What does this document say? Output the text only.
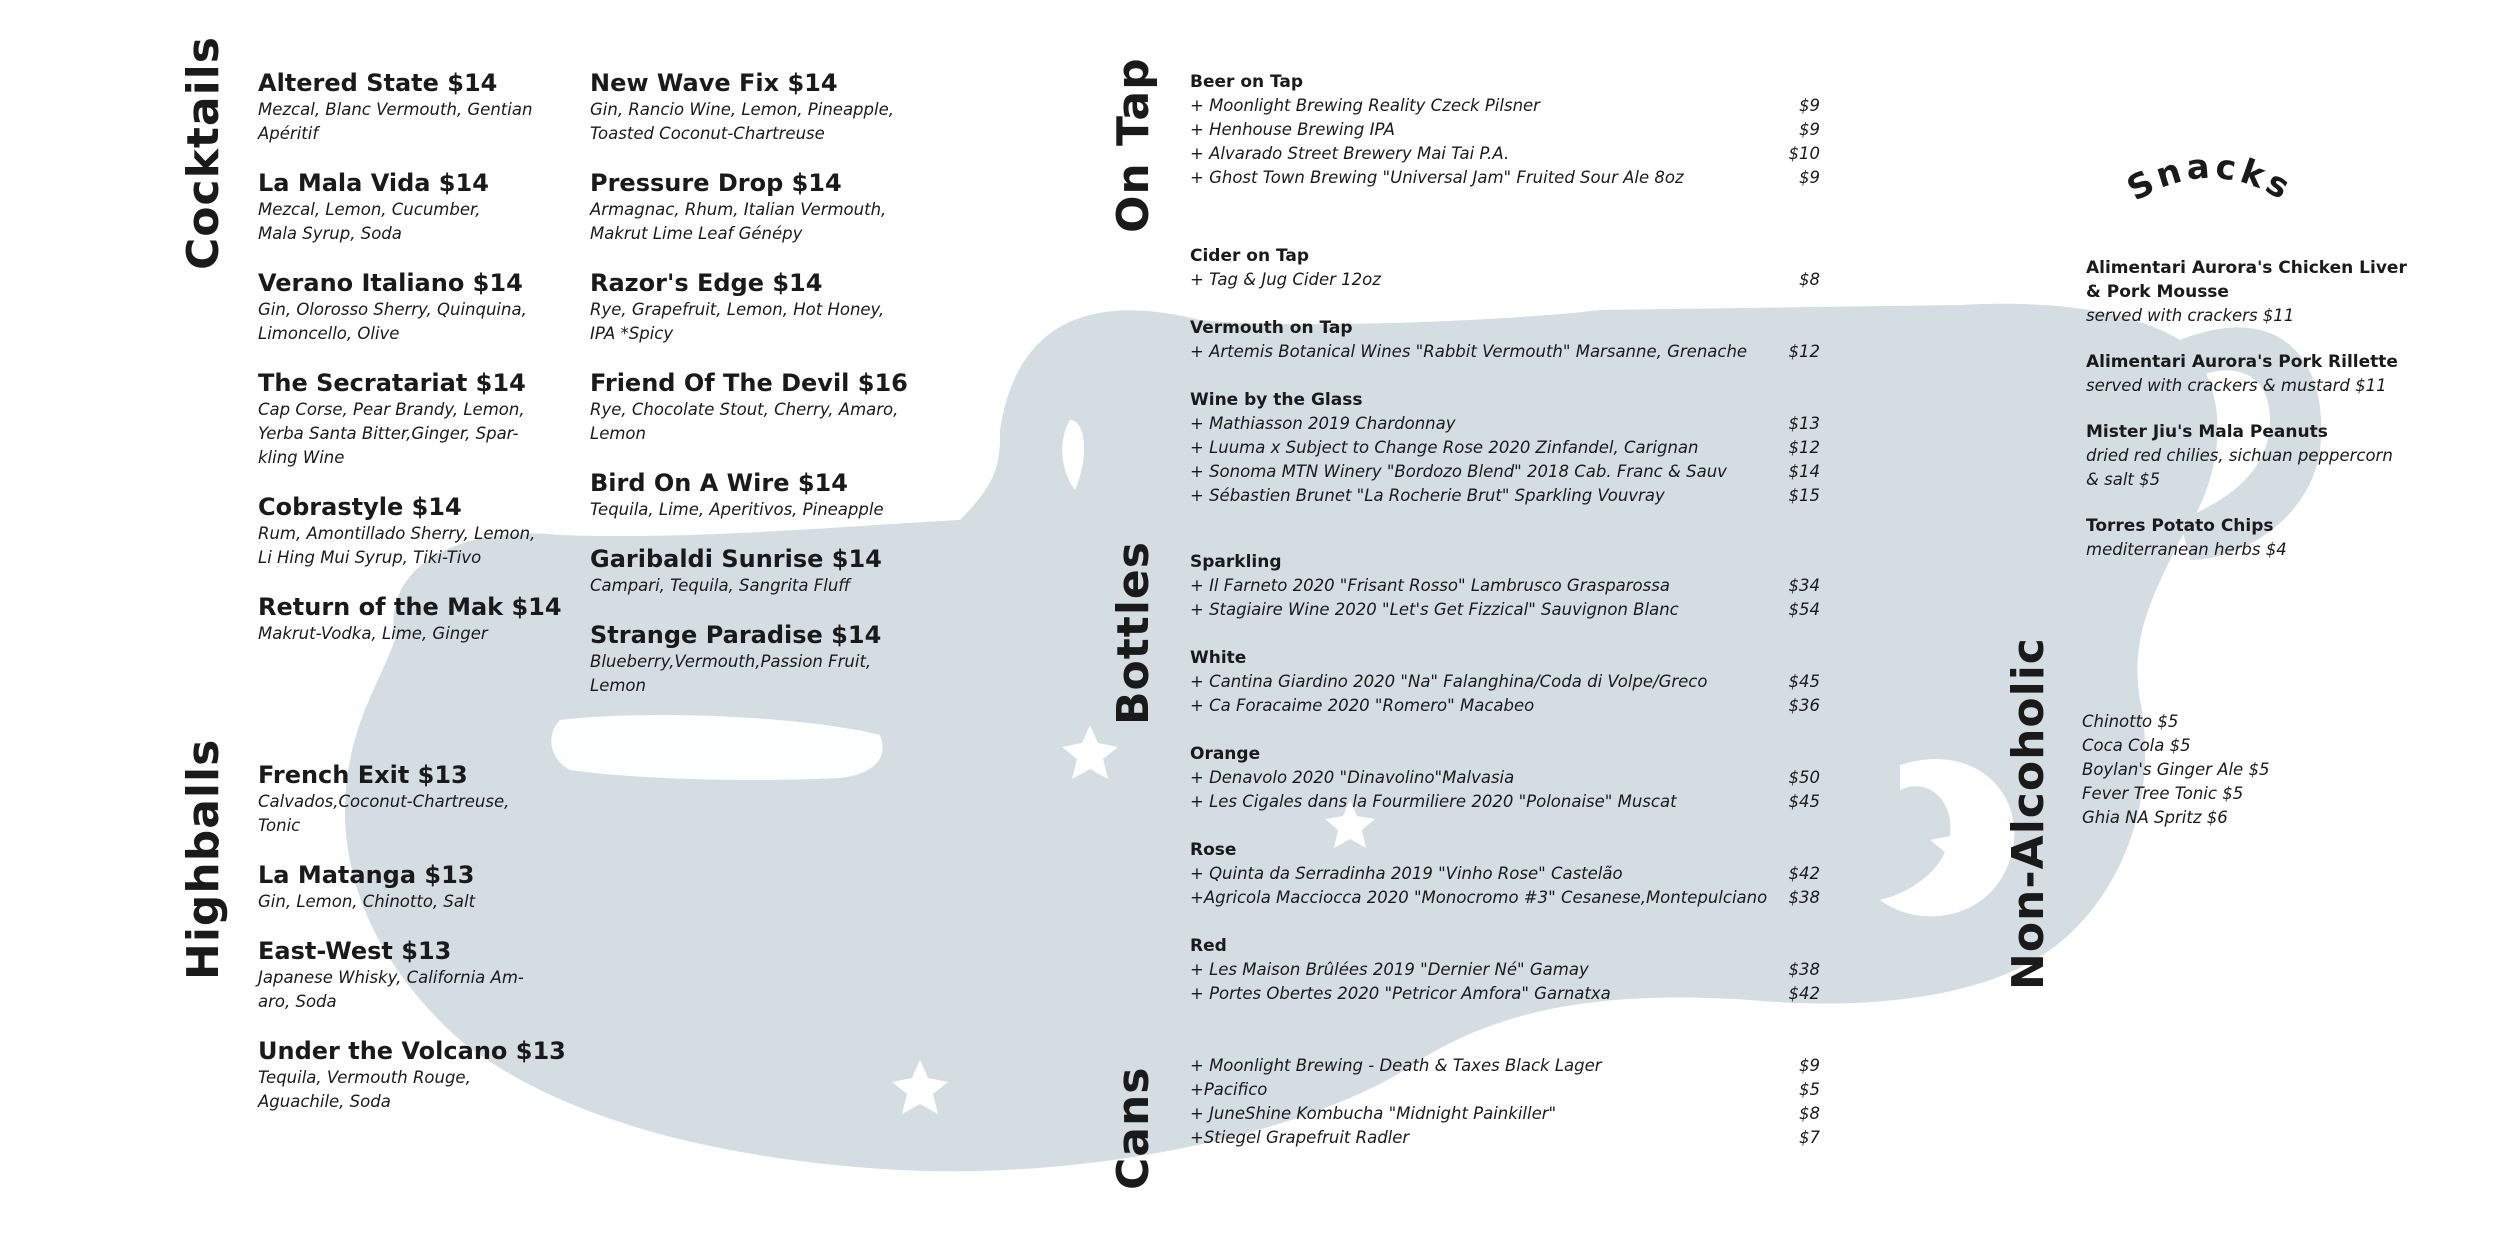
Cocktails
Highballs
On Tap
Bottles
Cans
Non-Alcoholic
Snacks
Altered State $14
Mezcal, Blanc Vermouth, Gentian
Apéritif
La Mala Vida $14
Mezcal, Lemon, Cucumber,
Mala Syrup, Soda
Verano Italiano $14
Gin, Olorosso Sherry, Quinquina,
Limoncello, Olive
The Secratariat $14
Cap Corse, Pear Brandy, Lemon,
Yerba Santa Bitter,Ginger, Spar-
kling Wine
Cobrastyle $14
Rum, Amontillado Sherry, Lemon,
Li Hing Mui Syrup, Tiki-Tivo
Return of the Mak $14
Makrut-Vodka, Lime, Ginger
New Wave Fix $14
Gin, Rancio Wine, Lemon, Pineapple,
Toasted Coconut-Chartreuse
Pressure Drop $14
Armagnac, Rhum, Italian Vermouth,
Makrut Lime Leaf Génépy
Razor's Edge $14
Rye, Grapefruit, Lemon, Hot Honey,
IPA *Spicy
Friend Of The Devil $16
Rye, Chocolate Stout, Cherry, Amaro,
Lemon
Bird On A Wire $14
Tequila, Lime, Aperitivos, Pineapple
Garibaldi Sunrise $14
Campari, Tequila, Sangrita Fluff
Strange Paradise $14
Blueberry,Vermouth,Passion Fruit,
Lemon
French Exit $13
Calvados,Coconut-Chartreuse,
Tonic
La Matanga $13
Gin, Lemon, Chinotto, Salt
East-West $13
Japanese Whisky, California Am-
aro, Soda
Under the Volcano $13
Tequila, Vermouth Rouge,
Aguachile, Soda
Beer on Tap
+ Moonlight Brewing Reality Czeck Pilsner	$9
+ Henhouse Brewing IPA	$9
+ Alvarado Street Brewery Mai Tai P.A.	$10
+ Ghost Town Brewing "Universal Jam" Fruited Sour Ale 8oz	$9
Cider on Tap
+ Tag & Jug Cider 12oz	$8
Vermouth on Tap
+ Artemis Botanical Wines "Rabbit Vermouth" Marsanne, Grenache	$12
Wine by the Glass
+ Mathiasson 2019 Chardonnay	$13
+ Luuma x Subject to Change Rose 2020 Zinfandel, Carignan	$12
+ Sonoma MTN Winery "Bordozo Blend" 2018 Cab. Franc & Sauv	$14
+ Sébastien Brunet "La Rocherie Brut" Sparkling Vouvray	$15
Sparkling
+ Il Farneto 2020 "Frisant Rosso" Lambrusco Grasparossa	$34
+ Stagiaire Wine 2020 "Let's Get Fizzical" Sauvignon Blanc	$54
White
+ Cantina Giardino 2020 "Na" Falanghina/Coda di Volpe/Greco	$45
+ Ca Foracaime 2020 "Romero" Macabeo	$36
Orange
+ Denavolo 2020 "Dinavolino"Malvasia	$50
+ Les Cigales dans la Fourmiliere 2020 "Polonaise" Muscat	$45
Rose
+ Quinta da Serradinha 2019 "Vinho Rose" Castelão	$42
+Agricola Macciocca 2020 "Monocromo #3" Cesanese,Montepulciano $38
Red
+ Les Maison Brûlées 2019 "Dernier Né" Gamay	$38
+ Portes Obertes 2020 "Petricor Amfora" Garnatxa	$42
+ Moonlight Brewing - Death & Taxes Black Lager	$9
+Pacifico	$5
+ JuneShine Kombucha "Midnight Painkiller"	$8
+Stiegel Grapefruit Radler	$7
Alimentari Aurora's Chicken Liver
& Pork Mousse
served with crackers $11
Alimentari Aurora's Pork Rillette
served with crackers & mustard $11
Mister Jiu's Mala Peanuts
dried red chilies, sichuan peppercorn
& salt $5
Torres Potato Chips
mediterranean herbs $4
Chinotto $5
Coca Cola $5
Boylan's Ginger Ale $5
Fever Tree Tonic $5
Ghia NA Spritz $6
